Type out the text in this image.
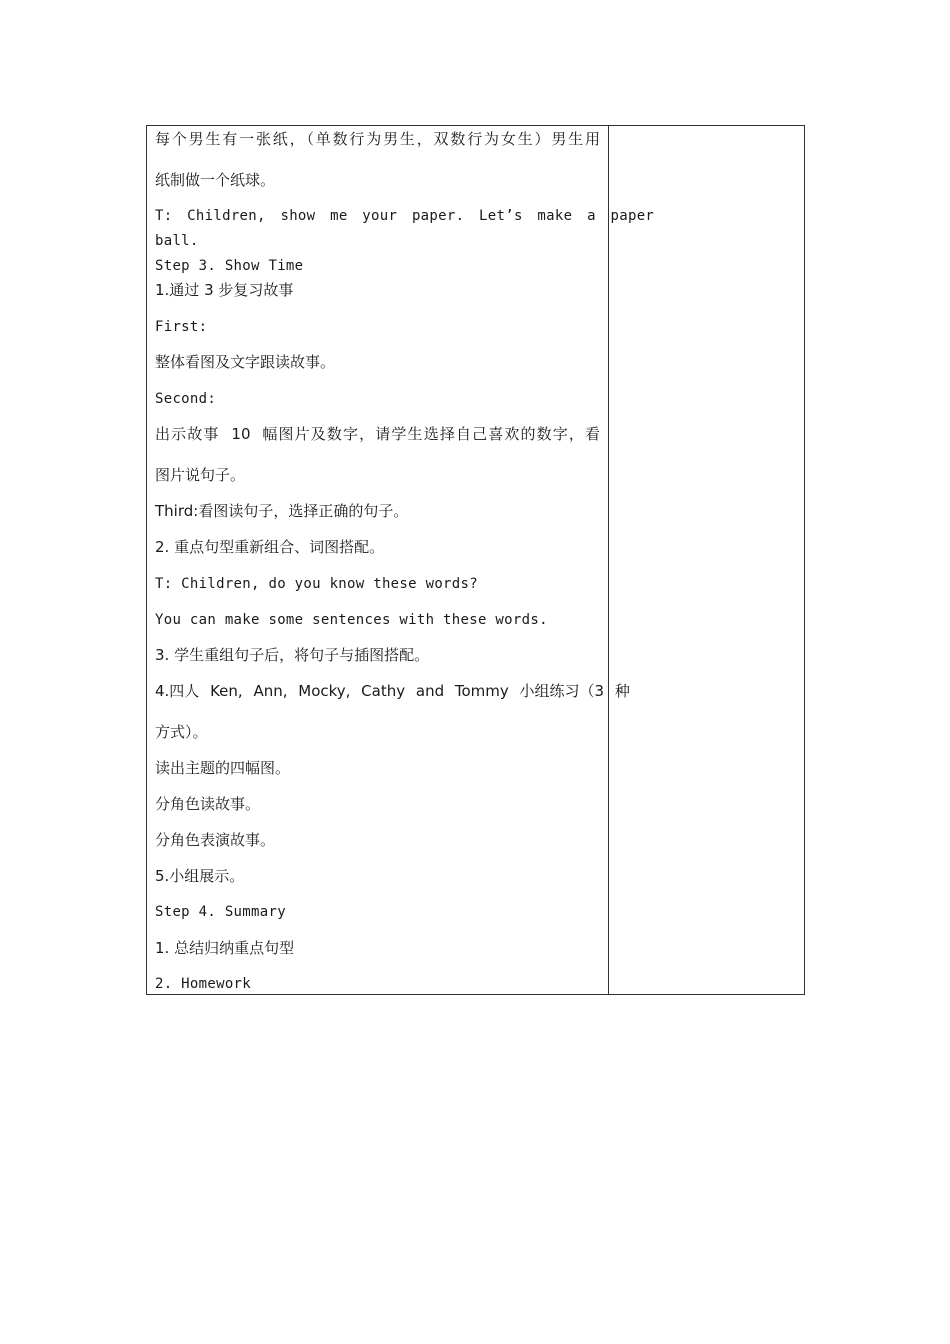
每个男生有一张纸，（单数行为男生，双数行为女生）男生用
纸制做一个纸球。
T: Children, show me your paper. Let’s make a paper
ball.
Step 3. Show Time
1.通过 3 步复习故事
First:
整体看图及文字跟读故事。
Second:
出示故事 10 幅图片及数字，请学生选择自己喜欢的数字，看
图片说句子。
Third:看图读句子，选择正确的句子。
2. 重点句型重新组合、词图搭配。
T: Children, do you know these words?
You can make some sentences with these words.
3. 学生重组句子后，将句子与插图搭配。
4.四人 Ken, Ann, Mocky, Cathy and Tommy 小组练习（3 种
方式）。
读出主题的四幅图。
分角色读故事。
分角色表演故事。
5.小组展示。
Step 4. Summary
1. 总结归纳重点句型
2. Homework
